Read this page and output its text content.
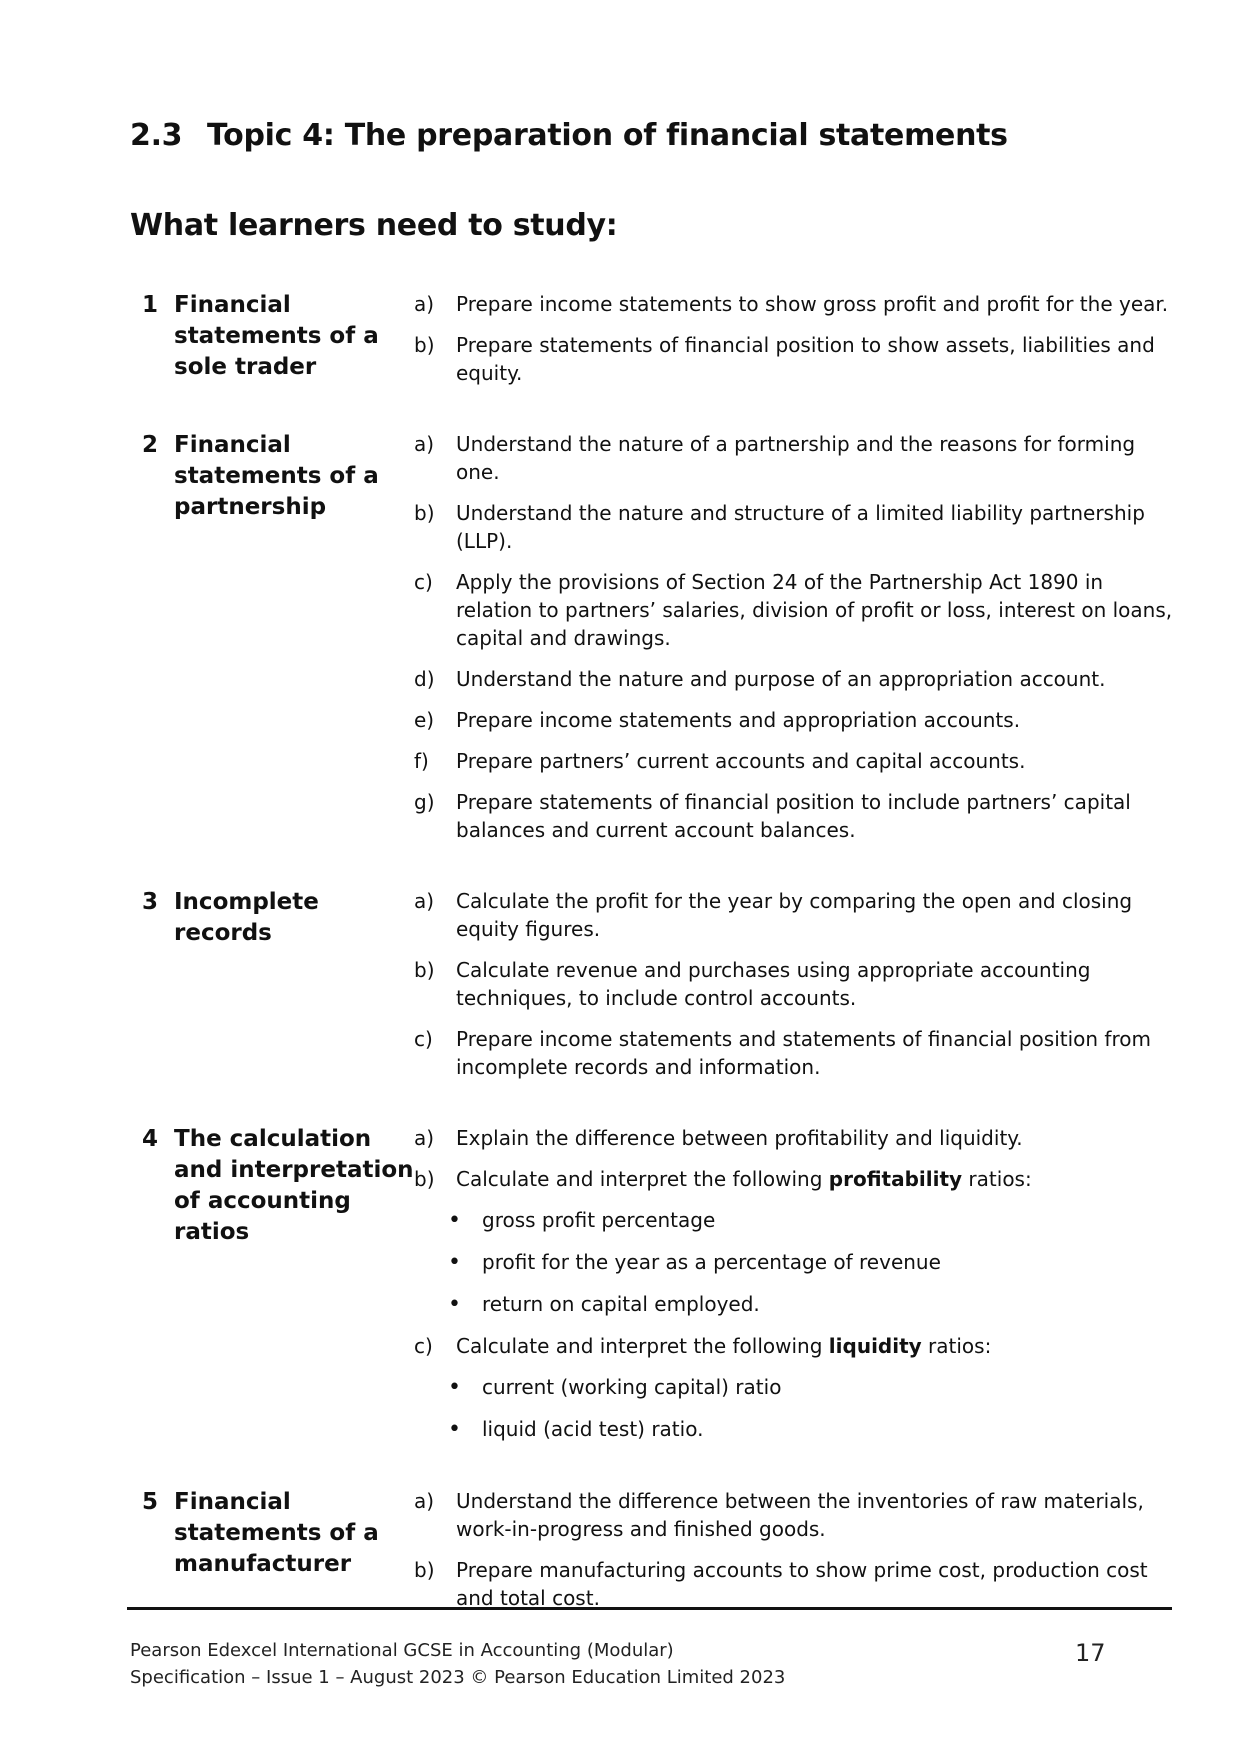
2.3 Topic 4: The preparation of financial statements
What learners need to study:
1 Financial
statements of a
sole trader
a)	Prepare income statements to show gross profit and profit for the year.
b)	Prepare statements of financial position to show assets, liabilities and equity.
2 Financial
statements of a
partnership
a)	Understand the nature of a partnership and the reasons for forming one.
b)	Understand the nature and structure of a limited liability partnership (LLP).
c)	Apply the provisions of Section 24 of the Partnership Act 1890 in relation to partners’ salaries, division of profit or loss, interest on loans, capital and drawings.
d)	Understand the nature and purpose of an appropriation account.
e)	Prepare income statements and appropriation accounts.
f)	Prepare partners’ current accounts and capital accounts.
g)	Prepare statements of financial position to include partners’ capital balances and current account balances.
3 Incomplete
records
a)	Calculate the profit for the year by comparing the open and closing equity figures.
b)	Calculate revenue and purchases using appropriate accounting techniques, to include control accounts.
c)	Prepare income statements and statements of financial position from incomplete records and information.
4 The calculation
and interpretation
of accounting
ratios
a)	Explain the difference between profitability and liquidity.
b)	Calculate and interpret the following profitability ratios:
•
gross profit percentage
•
profit for the year as a percentage of revenue
•
return on capital employed.
c)	Calculate and interpret the following liquidity ratios:
•
current (working capital) ratio
•
liquid (acid test) ratio.
5 Financial
statements of a
manufacturer
a)	Understand the difference between the inventories of raw materials, work-in-progress and finished goods.
b)	Prepare manufacturing accounts to show prime cost, production cost and total cost.
Pearson Edexcel International GCSE in Accounting (Modular)
Specification – Issue 1 – August 2023 © Pearson Education Limited 2023
17
